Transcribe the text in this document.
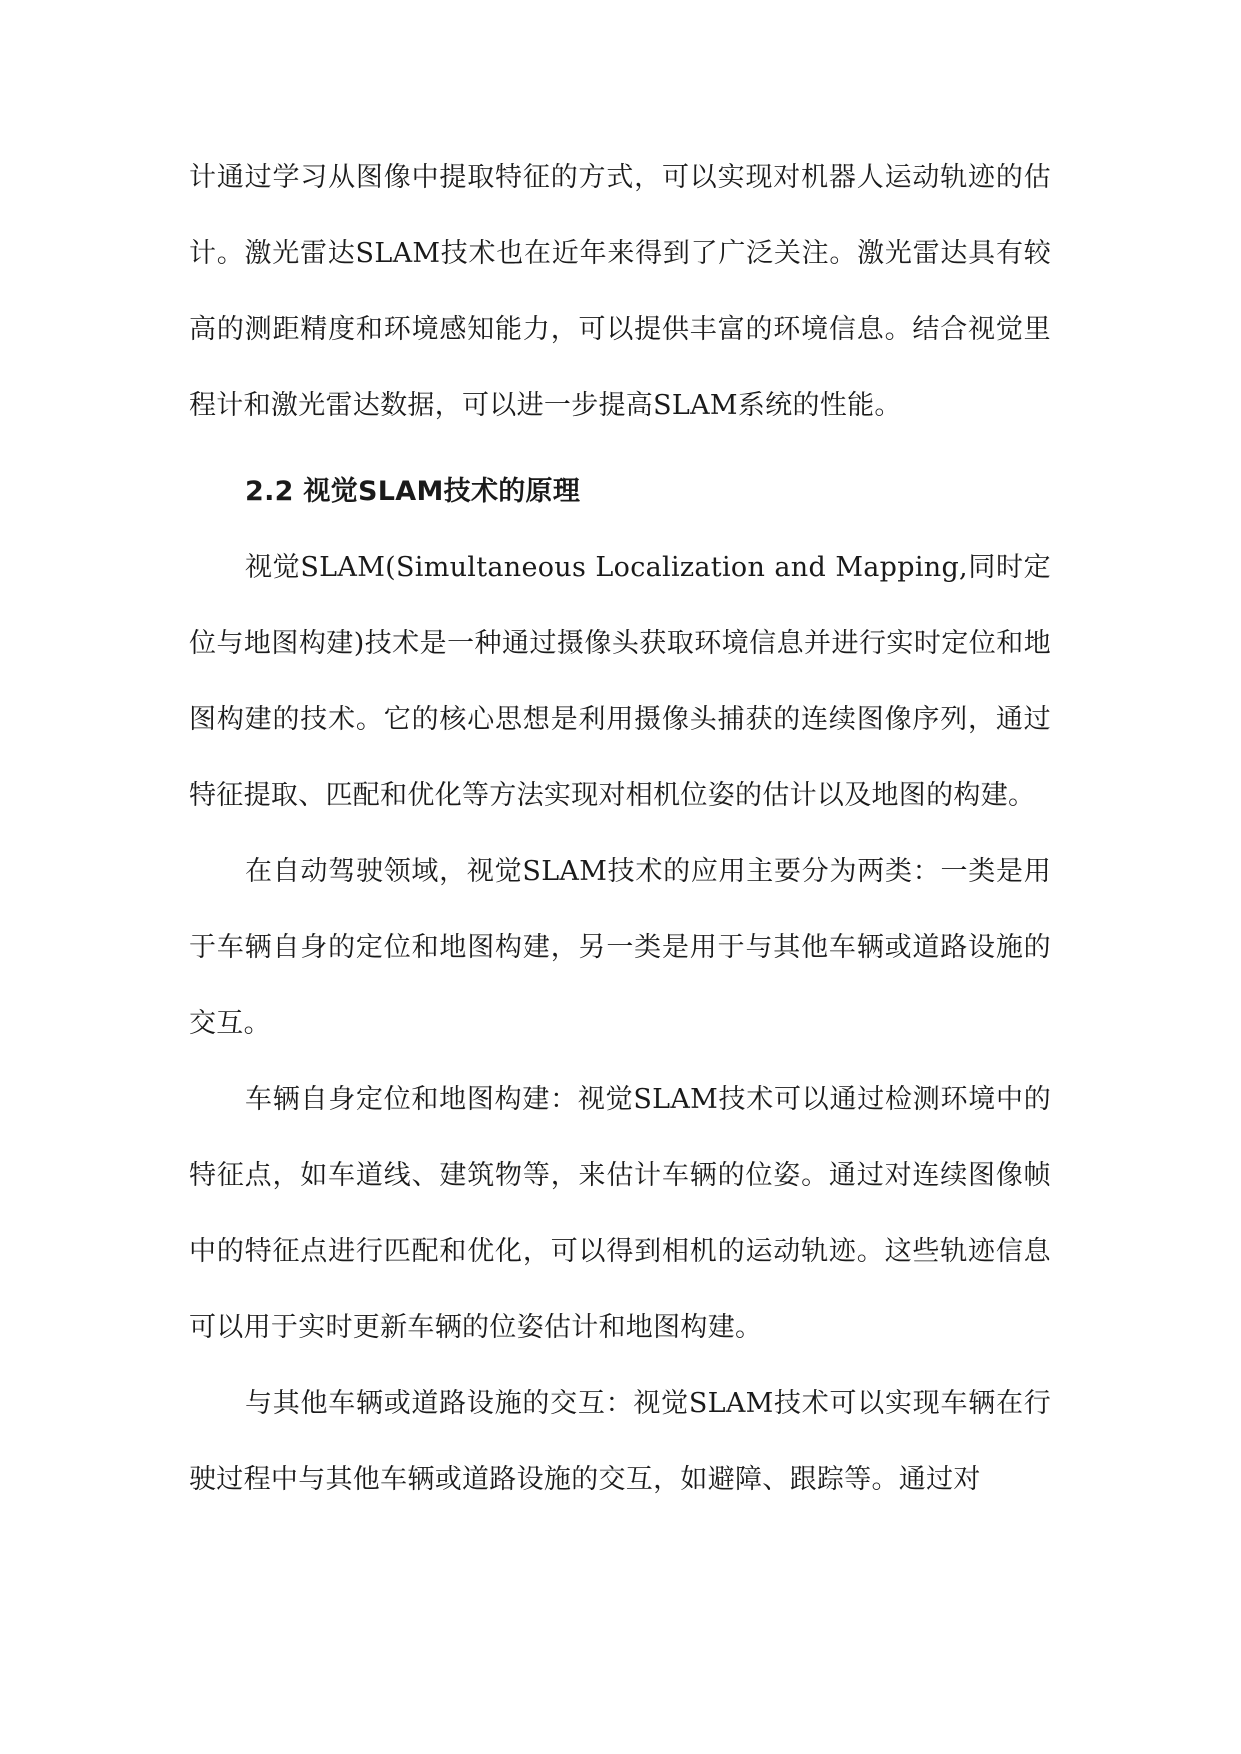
计通过学习从图像中提取特征的方式，可以实现对机器人运动轨迹的估计。激光雷达SLAM技术也在近年来得到了广泛关注。激光雷达具有较高的测距精度和环境感知能力，可以提供丰富的环境信息。结合视觉里程计和激光雷达数据，可以进一步提高SLAM系统的性能。

2.2 视觉SLAM技术的原理

视觉SLAM(Simultaneous Localization and Mapping,同时定位与地图构建)技术是一种通过摄像头获取环境信息并进行实时定位和地图构建的技术。它的核心思想是利用摄像头捕获的连续图像序列，通过特征提取、匹配和优化等方法实现对相机位姿的估计以及地图的构建。

在自动驾驶领域，视觉SLAM技术的应用主要分为两类：一类是用于车辆自身的定位和地图构建，另一类是用于与其他车辆或道路设施的交互。

车辆自身定位和地图构建：视觉SLAM技术可以通过检测环境中的特征点，如车道线、建筑物等，来估计车辆的位姿。通过对连续图像帧中的特征点进行匹配和优化，可以得到相机的运动轨迹。这些轨迹信息可以用于实时更新车辆的位姿估计和地图构建。

与其他车辆或道路设施的交互：视觉SLAM技术可以实现车辆在行驶过程中与其他车辆或道路设施的交互，如避障、跟踪等。通过对
